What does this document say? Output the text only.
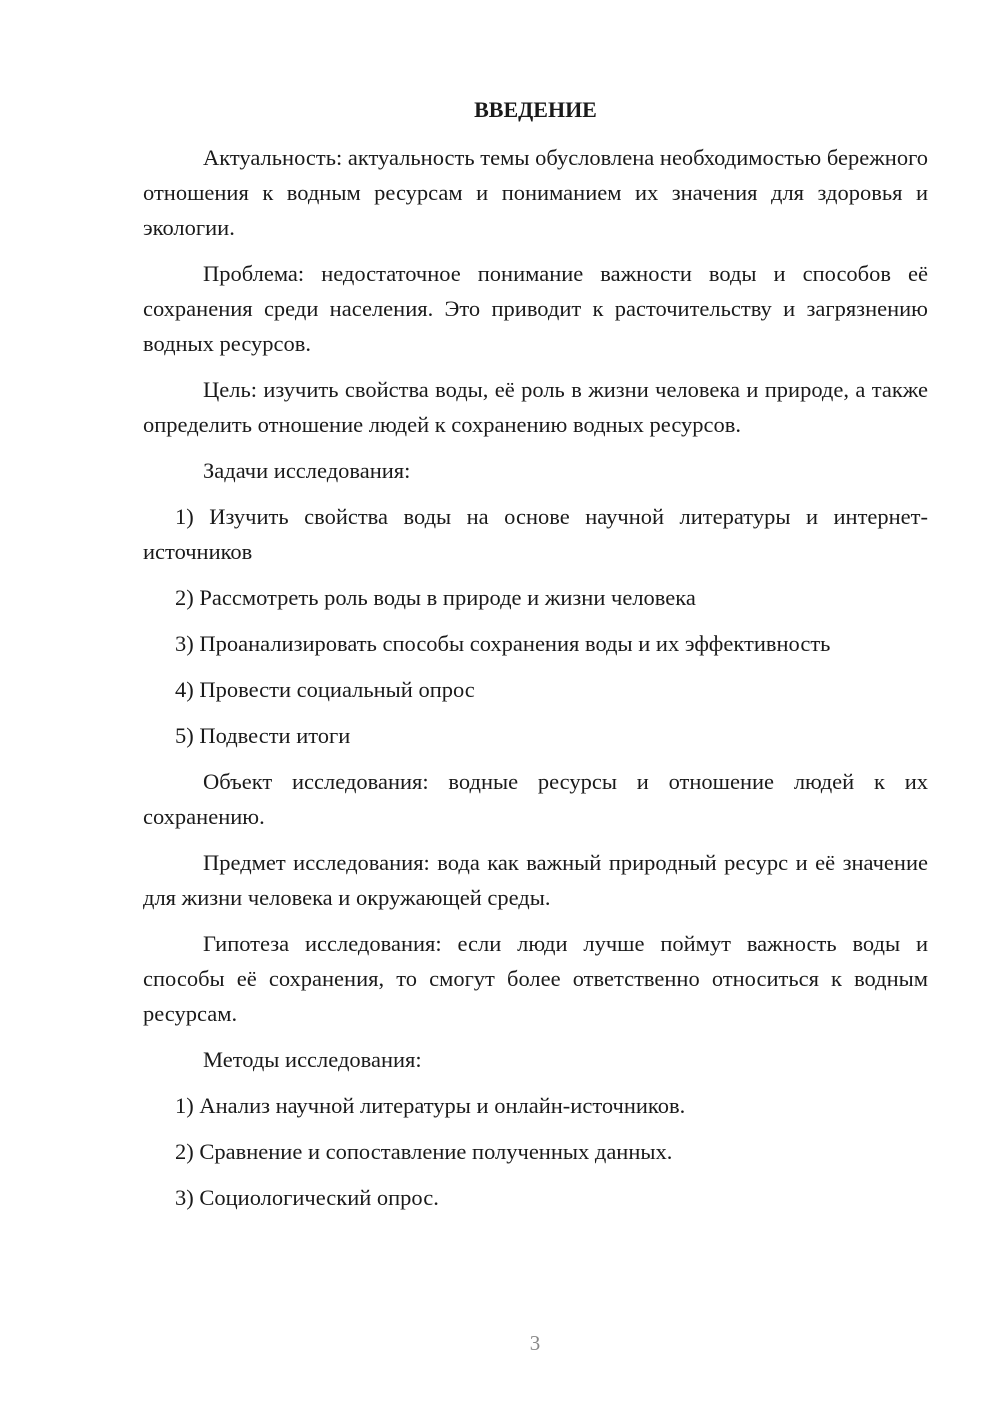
ВВЕДЕНИЕ

Актуальность: актуальность темы обусловлена необходимостью бережного отношения к водным ресурсам и пониманием их значения для здоровья и экологии.

Проблема: недостаточное понимание важности воды и способов её сохранения среди населения. Это приводит к расточительству и загрязнению водных ресурсов.

Цель: изучить свойства воды, её роль в жизни человека и природе, а также определить отношение людей к сохранению водных ресурсов.

Задачи исследования:

1) Изучить свойства воды на основе научной литературы и интернет-источников

2) Рассмотреть роль воды в природе и жизни человека

3) Проанализировать способы сохранения воды и их эффективность

4) Провести социальный опрос

5) Подвести итоги

Объект исследования: водные ресурсы и отношение людей к их сохранению.

Предмет исследования: вода как важный природный ресурс и её значение для жизни человека и окружающей среды.

Гипотеза исследования: если люди лучше поймут важность воды и способы её сохранения, то смогут более ответственно относиться к водным ресурсам.

Методы исследования:

1) Анализ научной литературы и онлайн-источников.

2) Сравнение и сопоставление полученных данных.

3) Социологический опрос.

3
